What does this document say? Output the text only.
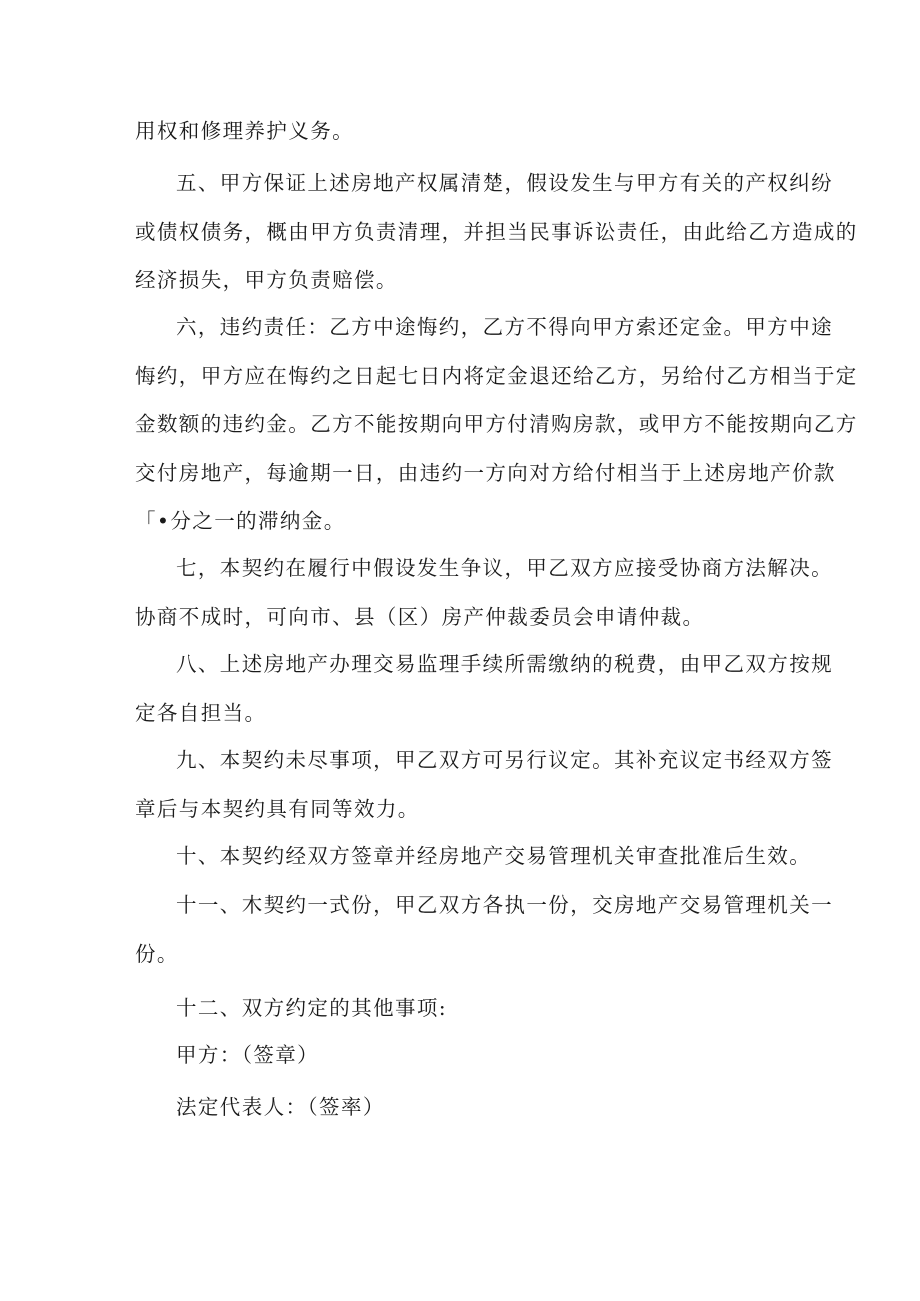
用权和修理养护义务。

五、甲方保证上述房地产权属清楚，假设发生与甲方有关的产权纠纷
或债权债务，概由甲方负责清理，并担当民事诉讼责任，由此给乙方造成的
经济损失，甲方负责赔偿。

六，违约责任：乙方中途悔约，乙方不得向甲方索还定金。甲方中途
悔约，甲方应在悔约之日起七日内将定金退还给乙方，另给付乙方相当于定
金数额的违约金。乙方不能按期向甲方付清购房款，或甲方不能按期向乙方
交付房地产，每逾期一日，由违约一方向对方给付相当于上述房地产价款
「•分之一的滞纳金。

七，本契约在履行中假设发生争议，甲乙双方应接受协商方法解决。
协商不成时，可向市、县（区）房产仲裁委员会申请仲裁。

八、上述房地产办理交易监理手续所需缴纳的税费，由甲乙双方按规
定各自担当。

九、本契约未尽事项，甲乙双方可另行议定。其补充议定书经双方签
章后与本契约具有同等效力。

十、本契约经双方签章并经房地产交易管理机关审查批准后生效。

十一、木契约一式份，甲乙双方各执一份，交房地产交易管理机关一
份。

十二、双方约定的其他事项:

甲方：（签章）

法定代表人：（签率）
